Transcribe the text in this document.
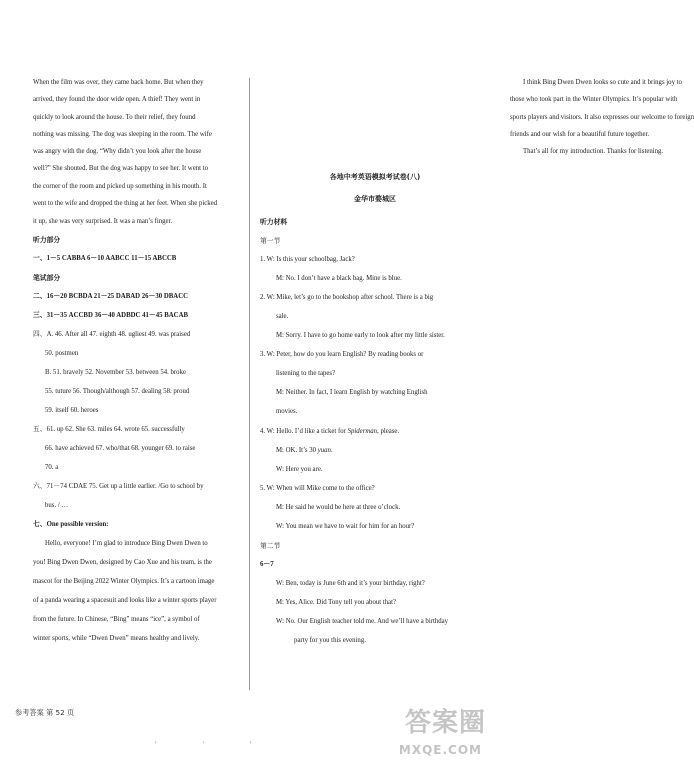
When the film was over, they came back home. But when they
arrived, they found the door wide open. A thief! They went in
quickly to look around the house. To their relief, they found
nothing was missing. The dog was sleeping in the room. The wife
was angry with the dog. “Why didn’t you look after the house
well?” She shouted. But the dog was happy to see her. It went to
the corner of the room and picked up something in his mouth. It
went to the wife and dropped the thing at her feet. When she picked
it up, she was very surprised. It was a man’s finger.
听力部分
一、1－5 CABBA 6－10 AABCC 11－15 ABCCB
笔试部分
二、16－20 BCBDA 21－25 DABAD 26－30 DBACC
三、31－35 ACCBD 36－40 ADBDC 41－45 BACAB
四、A. 46. After all 47. eighth 48. ugliest 49. was praised
50. postmen
B. 51. bravely 52. November 53. between 54. broke
55. tuture 56. Though/although 57. dealing 58. proud
59. itself 60. heroes
五、61. up 62. She 63. miles 64. wrote 65. successfully
66. have achieved 67. who/that 68. younger 69. to raise
70. a
六、71－74 CDAE 75. Get up a little earlier. /Go to school by
bus. / …
七、One possible version:
Hello, everyone! I’m glad to introduce Bing Dwen Dwen to
you! Bing Dwen Dwen, designed by Cao Xue and his team, is the
mascot for the Beijing 2022 Winter Olympics. It’s a cartoon image
of a panda wearing a spacesuit and looks like a winter sports player
from the future. In Chinese, “Bing” means “ice”, a symbol of
winter sports, while “Dwen Dwen” means healthy and lively.
I think Bing Dwen Dwen looks so cute and it brings joy to
those who took part in the Winter Olympics. It’s popular with
sports players and visitors. It also expresses our welcome to foreign
friends and our wish for a beautiful future together.
That’s all for my introduction. Thanks for listening.
各地中考英语模拟考试卷(八)
金华市婺城区
听力材料
第一节
1. W: Is this your schoolbag, Jack?
M: No. I don’t have a black bag. Mine is blue.
2. W: Mike, let’s go to the bookshop after school. There is a big
sale.
M: Sorry. I have to go home early to look after my little sister.
3. W: Peter, how do you learn English? By reading books or
listening to the tapes?
M: Neither. In fact, I learn English by watching English
movies.
4. W: Hello. I’d like a ticket for Spiderman, please.
M: OK. It’s 30 yuan.
W: Here you are.
5. W: When will Mike come to the office?
M: He said he would be here at three o’clock.
W: You mean we have to wait for him for an hour?
第二节
6－7
W: Ben, today is June 6th and it’s your birthday, right?
M: Yes, Alice. Did Tony tell you about that?
W: No. Our English teacher told me. And we’ll have a birthday
party for you this evening.
参考答案 第 52 页
' ' '
答案圈
MXQE.COM
